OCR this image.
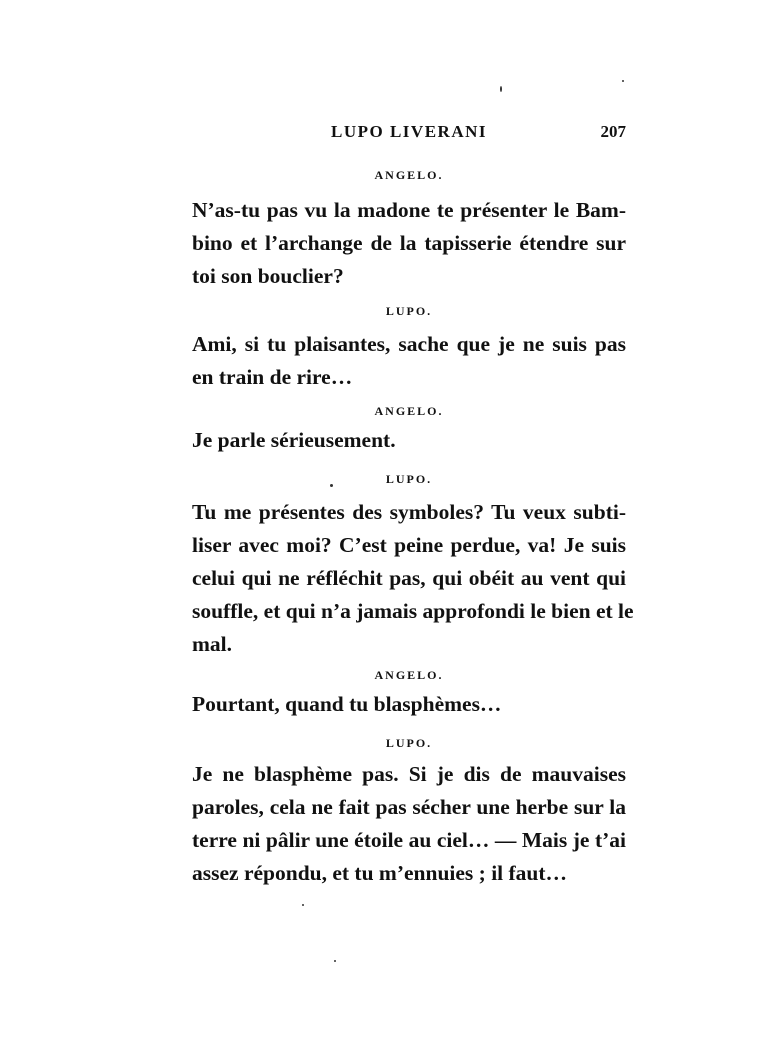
LUPO LIVERANI	207
ANGELO.
N’as-tu pas vu la madone te présenter le Bam-
bino et l’archange de la tapisserie étendre sur
toi son bouclier?
LUPO.
Ami, si tu plaisantes, sache que je ne suis pas
en train de rire…
ANGELO.
Je parle sérieusement.
LUPO.
Tu me présentes des symboles? Tu veux subti-
liser avec moi? C’est peine perdue, va! Je suis
celui qui ne réfléchit pas, qui obéit au vent qui
souffle, et qui n’a jamais approfondi le bien et le
mal.
ANGELO.
Pourtant, quand tu blasphèmes…
LUPO.
Je ne blasphème pas. Si je dis de mauvaises
paroles, cela ne fait pas sécher une herbe sur la
terre ni pâlir une étoile au ciel… — Mais je t’ai
assez répondu, et tu m’ennuies ; il faut…
